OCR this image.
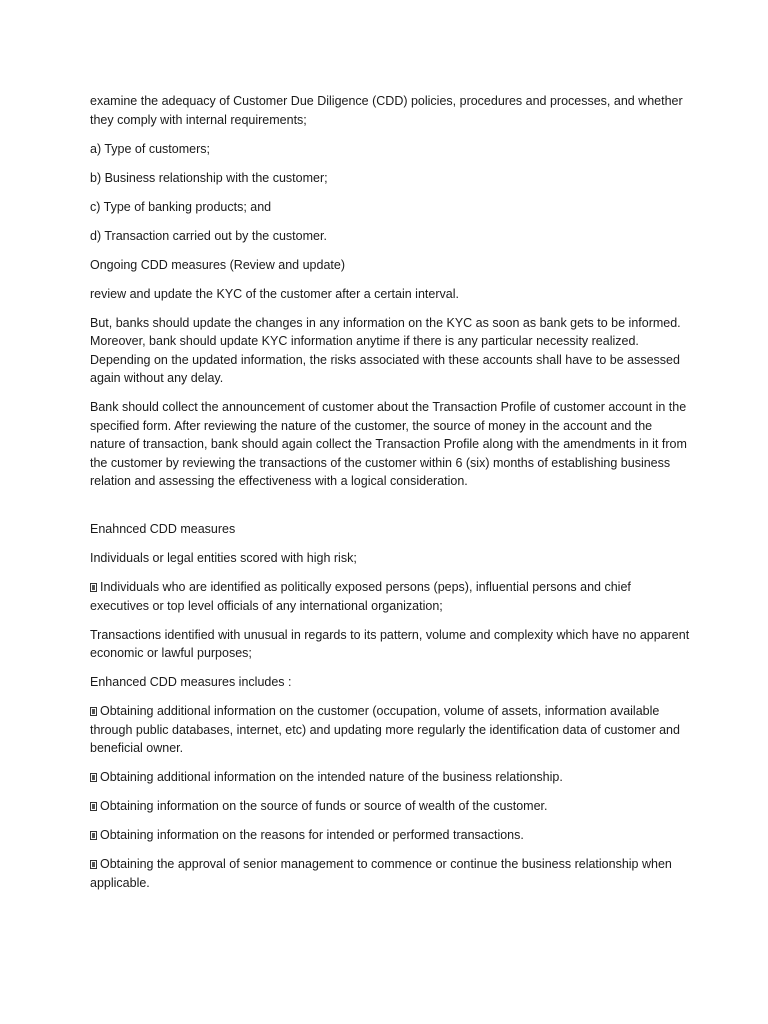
examine the adequacy of Customer Due Diligence (CDD) policies, procedures and processes, and whether they comply with internal requirements;

a) Type of customers;

b) Business relationship with the customer;

c) Type of banking products; and

d) Transaction carried out by the customer.

Ongoing CDD measures (Review and update)

review and update the KYC of the customer after a certain interval.

But, banks should update the changes in any information on the KYC as soon as bank gets to be informed. Moreover, bank should update KYC information anytime if there is any particular necessity realized. Depending on the updated information, the risks associated with these accounts shall have to be assessed again without any delay.

Bank should collect the announcement of customer about the Transaction Profile of customer account in the specified form. After reviewing the nature of the customer, the source of money in the account and the nature of transaction, bank should again collect the Transaction Profile along with the amendments in it from the customer by reviewing the transactions of the customer within 6 (six) months of establishing business relation and assessing the effectiveness with a logical consideration.

Enahnced CDD measures

Individuals or legal entities scored with high risk;

Individuals who are identified as politically exposed persons (peps), influential persons and chief executives or top level officials of any international organization;

Transactions identified with unusual in regards to its pattern, volume and complexity which have no apparent economic or lawful purposes;

Enhanced CDD measures includes :

Obtaining additional information on the customer (occupation, volume of assets, information available through public databases, internet, etc) and updating more regularly the identification data of customer and beneficial owner.

Obtaining additional information on the intended nature of the business relationship.

Obtaining information on the source of funds or source of wealth of the customer.

Obtaining information on the reasons for intended or performed transactions.

Obtaining the approval of senior management to commence or continue the business relationship when applicable.
